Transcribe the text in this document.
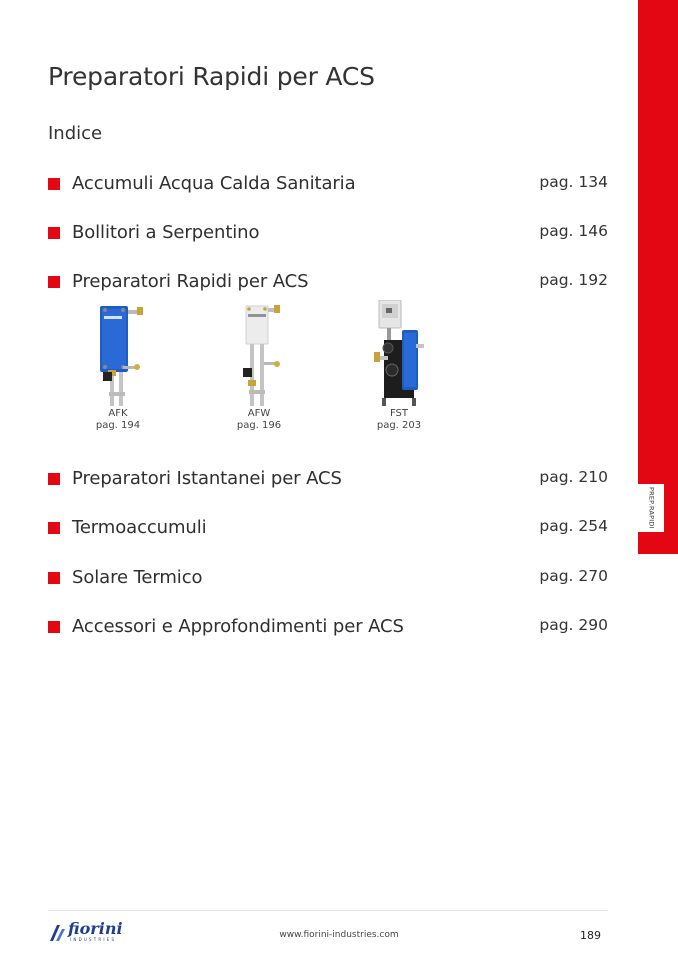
PREP.
RAPIDI
Preparatori Rapidi per ACS
Indice
Accumuli Acqua Calda Sanitaria	pag. 134
Bollitori a Serpentino	pag. 146
Preparatori Rapidi per ACS	pag. 192
AFK
pag. 194
AFW
pag. 196
FST
pag. 203
Preparatori Istantanei per ACS	pag. 210
Termoaccumuli	pag. 254
Solare Termico	pag. 270
Accessori e Approfondimenti per ACS	pag. 290
fiorini
INDUSTRIES	www.fiorini-industries.com	189
